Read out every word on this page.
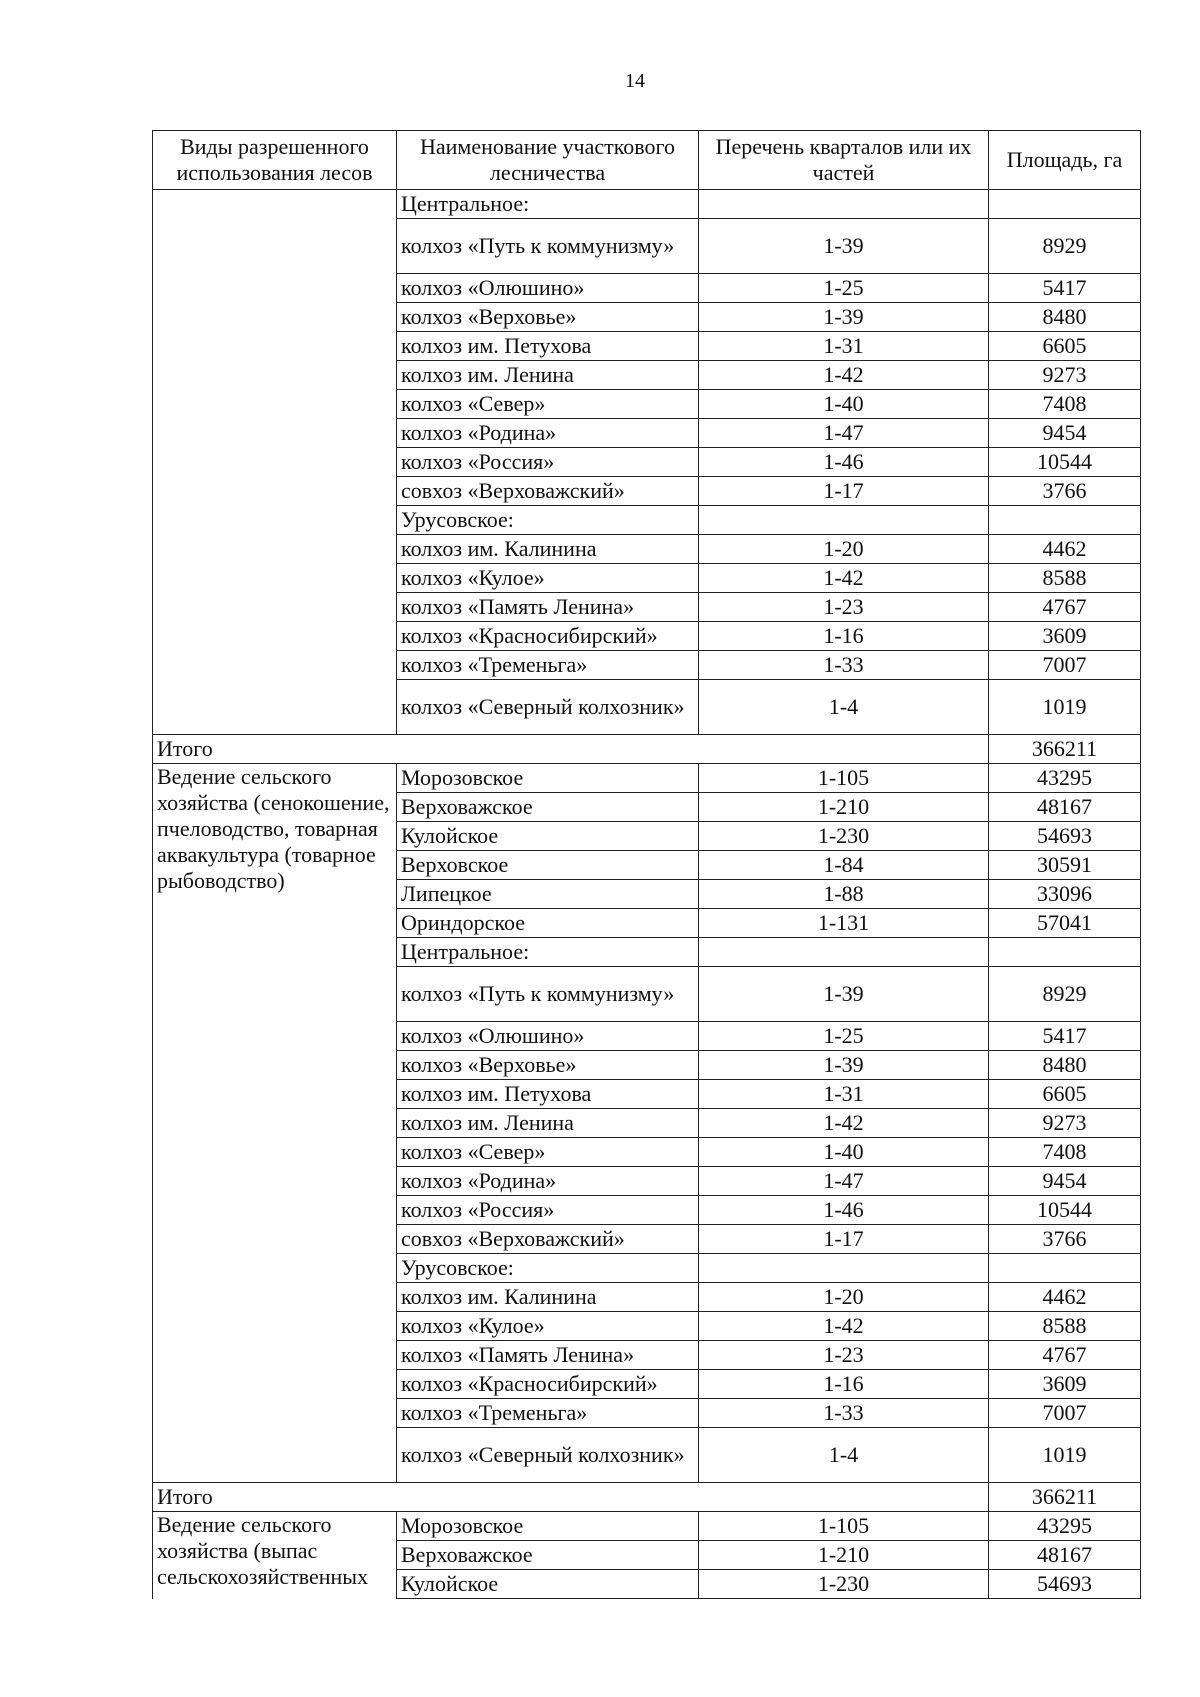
14
Виды разрешенного использования лесов	Наименование участкового лесничества	Перечень кварталов или их частей	Площадь, га
	Центральное:		
	колхоз «Путь к коммунизму»	1-39	8929
	колхоз «Олюшино»	1-25	5417
	колхоз «Верховье»	1-39	8480
	колхоз им. Петухова	1-31	6605
	колхоз им. Ленина	1-42	9273
	колхоз «Север»	1-40	7408
	колхоз «Родина»	1-47	9454
	колхоз «Россия»	1-46	10544
	совхоз «Верховажский»	1-17	3766
	Урусовское:		
	колхоз им. Калинина	1-20	4462
	колхоз «Кулое»	1-42	8588
	колхоз «Память Ленина»	1-23	4767
	колхоз «Красносибирский»	1-16	3609
	колхоз «Тременьга»	1-33	7007
	колхоз «Северный колхозник»	1-4	1019
Итого			366211
Ведение сельского хозяйства (сенокошение, пчеловодство, товарная аквакультура (товарное рыбоводство)	Морозовское	1-105	43295
	Верховажское	1-210	48167
	Кулойское	1-230	54693
	Верховское	1-84	30591
	Липецкое	1-88	33096
	Ориндорское	1-131	57041
	Центральное:		
	колхоз «Путь к коммунизму»	1-39	8929
	колхоз «Олюшино»	1-25	5417
	колхоз «Верховье»	1-39	8480
	колхоз им. Петухова	1-31	6605
	колхоз им. Ленина	1-42	9273
	колхоз «Север»	1-40	7408
	колхоз «Родина»	1-47	9454
	колхоз «Россия»	1-46	10544
	совхоз «Верховажский»	1-17	3766
	Урусовское:		
	колхоз им. Калинина	1-20	4462
	колхоз «Кулое»	1-42	8588
	колхоз «Память Ленина»	1-23	4767
	колхоз «Красносибирский»	1-16	3609
	колхоз «Тременьга»	1-33	7007
	колхоз «Северный колхозник»	1-4	1019
Итого			366211
Ведение сельского хозяйства (выпас сельскохозяйственных	Морозовское	1-105	43295
	Верховажское	1-210	48167
	Кулойское	1-230	54693
